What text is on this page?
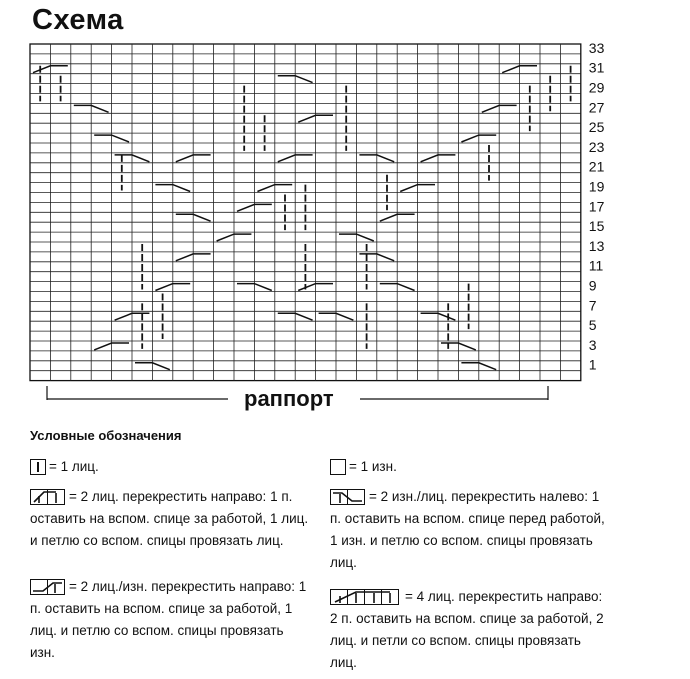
Схема
33
31
29
27
25
23
21
19
17
15
13
11
9
7
5
3
1
раппорт
Условные обозначения
= 1 лиц.	= 1 изн.
= 2 лиц. перекрестить направо: 1 п. оставить на вспом. спице за работой, 1 лиц. и петлю со вспом. спицы провязать лиц.
= 2 изн./лиц. перекрестить налево: 1 п. оставить на вспом. спице перед работой, 1 изн. и петлю со вспом. спицы провязать лиц.
= 2 лиц./изн. перекрестить направо: 1 п. оставить на вспом. спице за работой, 1 лиц. и петлю со вспом. спицы провязать изн.
= 4 лиц. перекрестить направо: 2 п. оставить на вспом. спице за работой, 2 лиц. и петли со вспом. спицы провязать лиц.
